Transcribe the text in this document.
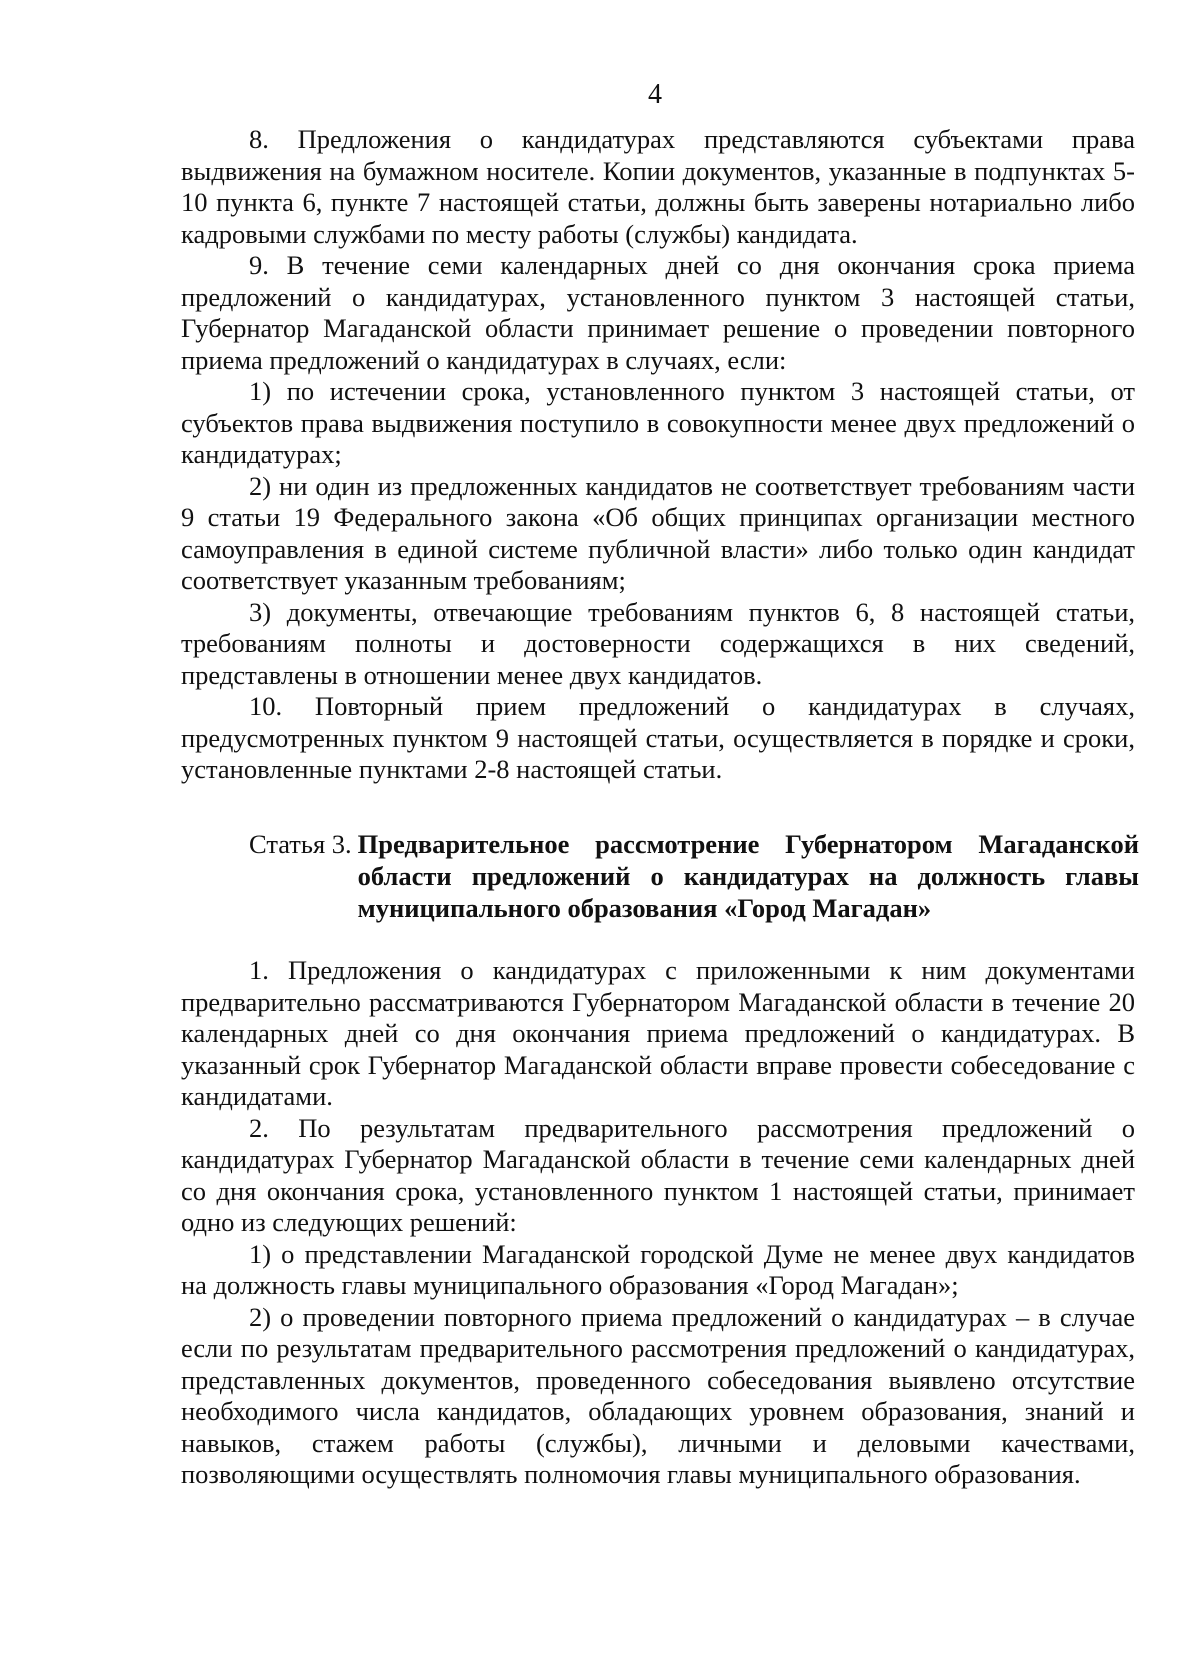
4

8. Предложения о кандидатурах представляются субъектами права выдвижения на бумажном носителе. Копии документов, указанные в подпунктах 5-10 пункта 6, пункте 7 настоящей статьи, должны быть заверены нотариально либо кадровыми службами по месту работы (службы) кандидата.

9. В течение семи календарных дней со дня окончания срока приема предложений о кандидатурах, установленного пунктом 3 настоящей статьи, Губернатор Магаданской области принимает решение о проведении повторного приема предложений о кандидатурах в случаях, если:

1) по истечении срока, установленного пунктом 3 настоящей статьи, от субъектов права выдвижения поступило в совокупности менее двух предложений о кандидатурах;

2) ни один из предложенных кандидатов не соответствует требованиям части 9 статьи 19 Федерального закона «Об общих принципах организации местного самоуправления в единой системе публичной власти» либо только один кандидат соответствует указанным требованиям;

3) документы, отвечающие требованиям пунктов 6, 8 настоящей статьи, требованиям полноты и достоверности содержащихся в них сведений, представлены в отношении менее двух кандидатов.

10. Повторный прием предложений о кандидатурах в случаях, предусмотренных пунктом 9 настоящей статьи, осуществляется в порядке и сроки, установленные пунктами 2-8 настоящей статьи.

Статья 3. Предварительное рассмотрение Губернатором Магаданской области предложений о кандидатурах на должность главы муниципального образования «Город Магадан»

1. Предложения о кандидатурах с приложенными к ним документами предварительно рассматриваются Губернатором Магаданской области в течение 20 календарных дней со дня окончания приема предложений о кандидатурах. В указанный срок Губернатор Магаданской области вправе провести собеседование с кандидатами.

2. По результатам предварительного рассмотрения предложений о кандидатурах Губернатор Магаданской области в течение семи календарных дней со дня окончания срока, установленного пунктом 1 настоящей статьи, принимает одно из следующих решений:

1) о представлении Магаданской городской Думе не менее двух кандидатов на должность главы муниципального образования «Город Магадан»;

2) о проведении повторного приема предложений о кандидатурах – в случае если по результатам предварительного рассмотрения предложений о кандидатурах, представленных документов, проведенного собеседования выявлено отсутствие необходимого числа кандидатов, обладающих уровнем образования, знаний и навыков, стажем работы (службы), личными и деловыми качествами, позволяющими осуществлять полномочия главы муниципального образования.
